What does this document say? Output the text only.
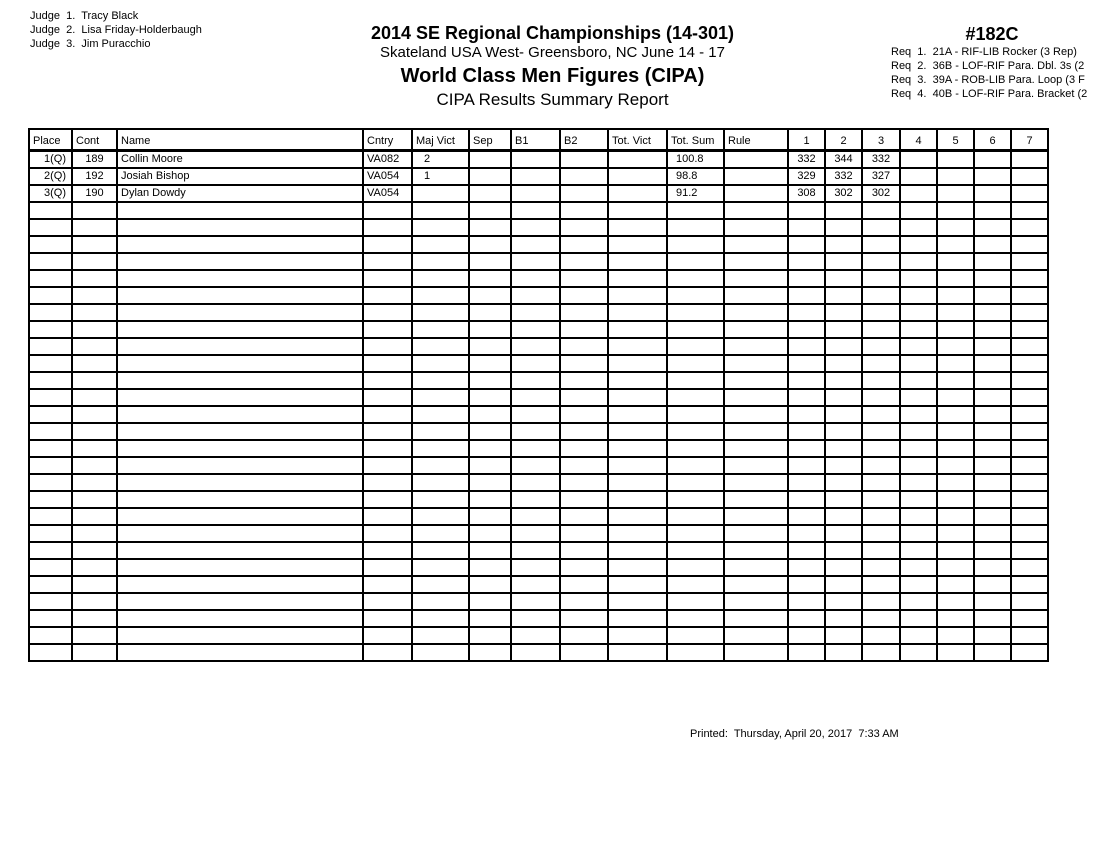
Judge  1. Tracy Black
Judge  2. Lisa Friday-Holderbaugh
Judge  3. Jim Puracchio
2014 SE Regional Championships (14-301)
Skateland USA West- Greensboro, NC June 14 - 17
World Class Men Figures (CIPA)
CIPA Results Summary Report
#182C
Req  1. 21A - RIF-LIB Rocker (3 Rep)
Req  2. 36B - LOF-RIF Para. Dbl. 3s (2
Req  3. 39A - ROB-LIB Para. Loop (3 F
Req  4. 40B - LOF-RIF Para. Bracket (2
Place	Cont	Name	Cntry	Maj Vict	Sep	B1	B2	Tot. Vict	Tot. Sum	Rule	1	2	3	4	5	6	7
1(Q)	189	Collin Moore	VA082	2					100.8		332	344	332				
2(Q)	192	Josiah Bishop	VA054	1					98.8		329	332	327				
3(Q)	190	Dylan Dowdy	VA054						91.2		308	302	302				

Printed:  Thursday, April 20, 2017  7:33 AM
